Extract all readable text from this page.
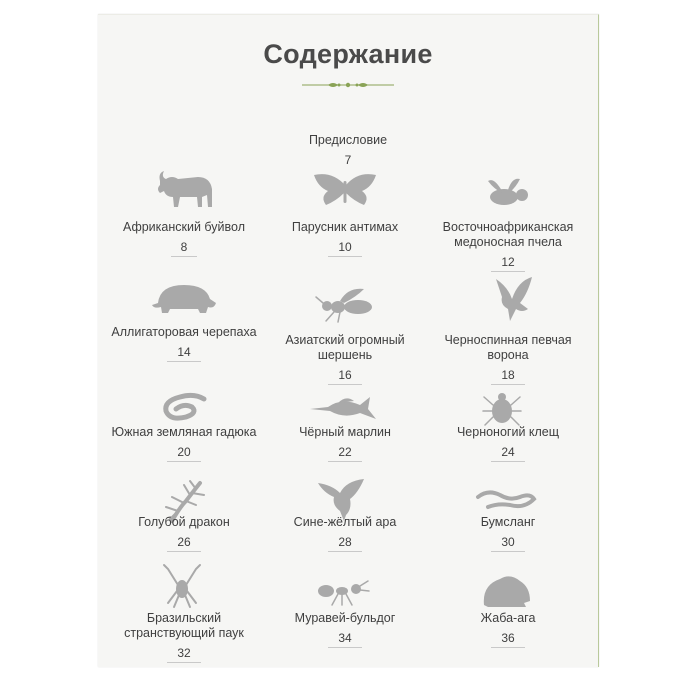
Содержание
Предисловие
7
Африканский буйвол
8
Парусник антимах
10
Восточноафриканская медоносная пчела
12
Аллигаторовая черепаха
14
Азиатский огромный шершень
16
Черноспинная певчая ворона
18
Южная земляная гадюка
20
Чёрный марлин
22
Черноногий клещ
24
Голубой дракон
26
Сине-жёлтый ара
28
Бумсланг
30
Бразильский странствующий паук
32
Муравей-бульдог
34
Жаба-ага
36
